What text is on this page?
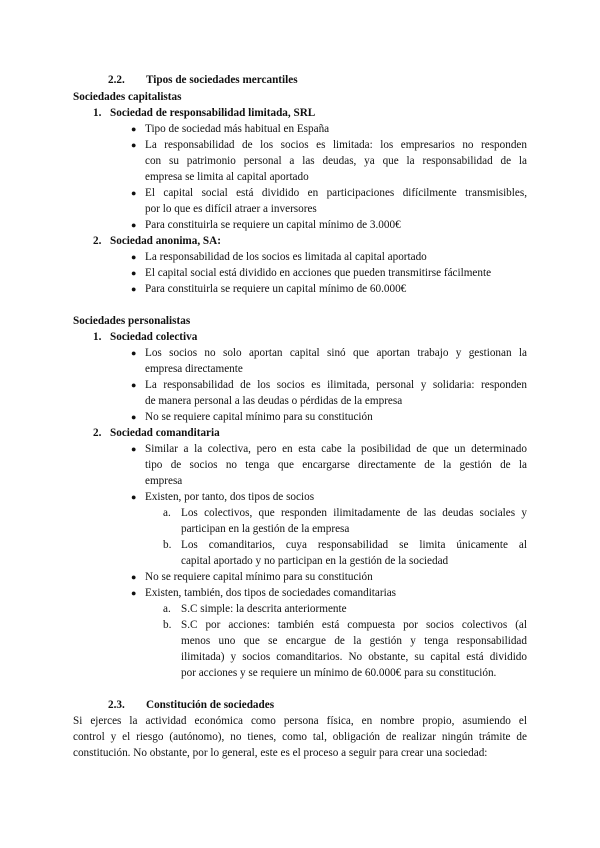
2.2. Tipos de sociedades mercantiles
Sociedades capitalistas
1. Sociedad de responsabilidad limitada, SRL
● Tipo de sociedad más habitual en España
● La responsabilidad de los socios es limitada: los empresarios no responden
con su patrimonio personal a las deudas, ya que la responsabilidad de la
empresa se limita al capital aportado
● El capital social está dividido en participaciones difícilmente transmisibles,
por lo que es difícil atraer a inversores
● Para constituirla se requiere un capital mínimo de 3.000€
2. Sociedad anonima, SA:
● La responsabilidad de los socios es limitada al capital aportado
● El capital social está dividido en acciones que pueden transmitirse fácilmente
● Para constituirla se requiere un capital mínimo de 60.000€
Sociedades personalistas
1. Sociedad colectiva
● Los socios no solo aportan capital sinó que aportan trabajo y gestionan la
empresa directamente
● La responsabilidad de los socios es ilimitada, personal y solidaria: responden
de manera personal a las deudas o pérdidas de la empresa
● No se requiere capital mínimo para su constitución
2. Sociedad comanditaria
● Similar a la colectiva, pero en esta cabe la posibilidad de que un determinado
tipo de socios no tenga que encargarse directamente de la gestión de la
empresa
● Existen, por tanto, dos tipos de socios
a. Los colectivos, que responden ilimitadamente de las deudas sociales y
participan en la gestión de la empresa
b. Los comanditarios, cuya responsabilidad se limita únicamente al
capital aportado y no participan en la gestión de la sociedad
● No se requiere capital mínimo para su constitución
● Existen, también, dos tipos de sociedades comanditarias
a. S.C simple: la descrita anteriormente
b. S.C por acciones: también está compuesta por socios colectivos (al
menos uno que se encargue de la gestión y tenga responsabilidad
ilimitada) y socios comanditarios. No obstante, su capital está dividido
por acciones y se requiere un mínimo de 60.000€ para su constitución.
2.3. Constitución de sociedades
Si ejerces la actividad económica como persona física, en nombre propio, asumiendo el
control y el riesgo (autónomo), no tienes, como tal, obligación de realizar ningún trámite de
constitución. No obstante, por lo general, este es el proceso a seguir para crear una sociedad:
